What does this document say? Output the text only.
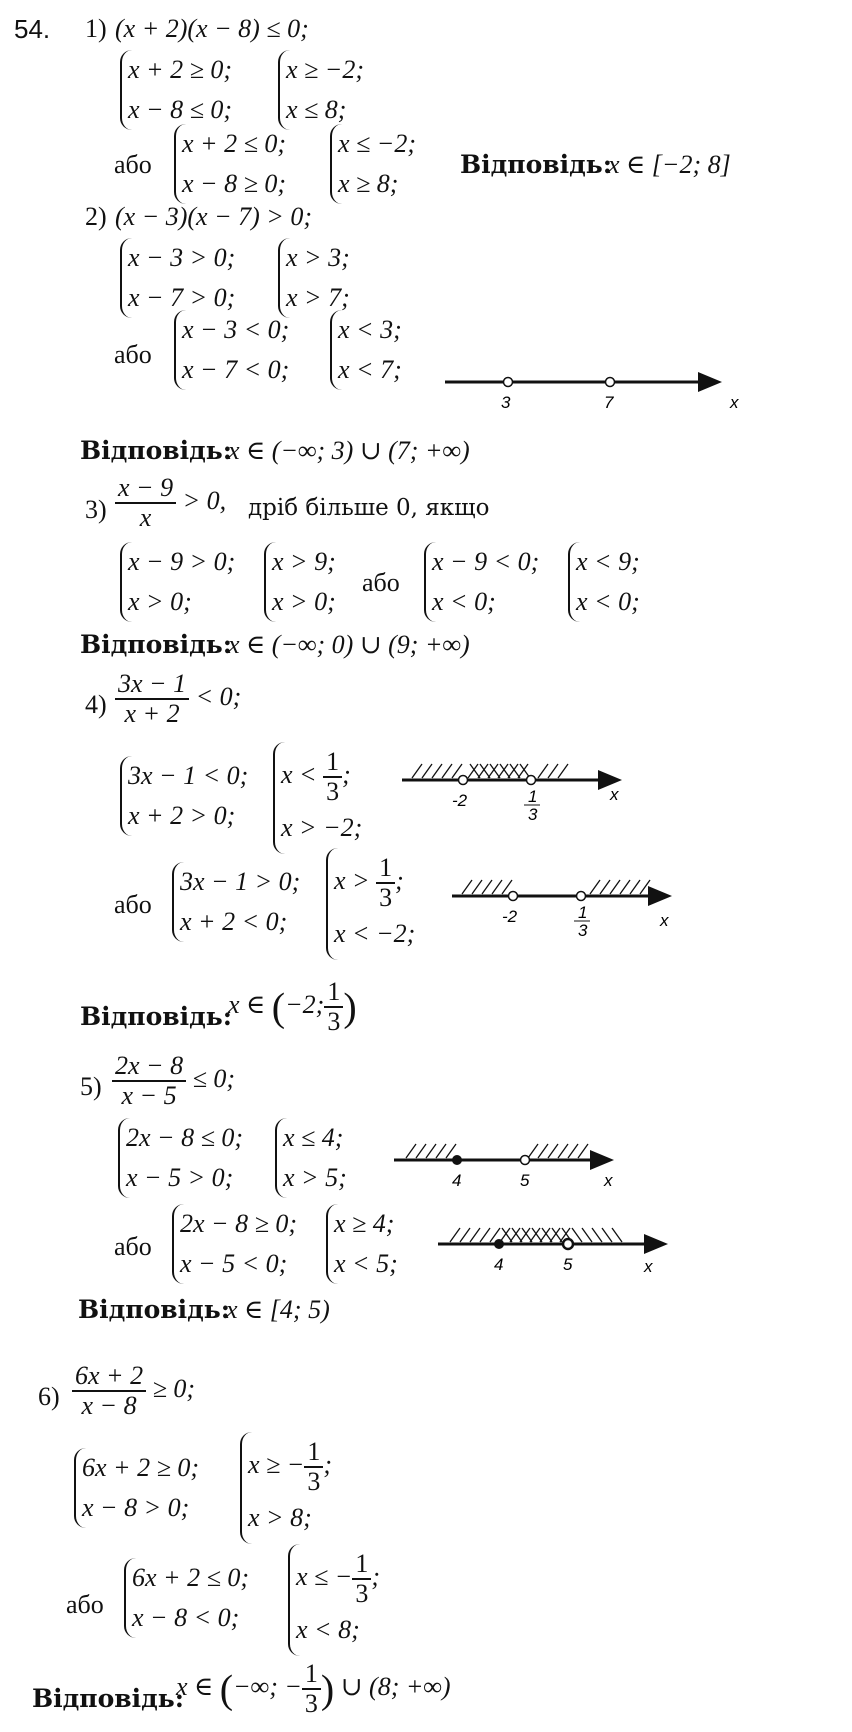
54. 1) (x + 2)(x − 8) ≤ 0;
x + 2 ≥ 0;
x − 8 ≤ 0;
x ≥ −2;
x ≤ 8;
або
x + 2 ≤ 0;
x − 8 ≥ 0;
x ≤ −2;
x ≥ 8;
Відповідь:
x ∈ [−2; 8]
2) (x − 3)(x − 7) > 0;
x − 3 > 0;
x − 7 > 0;
x > 3;
x > 7;
або
x − 3 < 0;
x − 7 < 0;
x < 3;
x < 7;
3	7	x
Відповідь:
x ∈ (−∞; 3) ∪ (7; +∞)
$3) \frac{x - 9}{x} > 0$, дріб більше 0, якщо
x − 9 > 0;
x > 0;
x > 9;
x > 0;
або
x − 9 < 0;
x < 0;
x < 9;
x < 0;
Відповідь:
x ∈ (−∞; 0) ∪ (9; +∞)
$4) \frac{3x - 1}{x + 2} < 0$;
3x − 1 < 0;
x + 2 > 0;
$x < \frac{1}{3}$ ;
x > −2;
-2	1
3
x
або
3x − 1 > 0;
x + 2 < 0;
$x > \frac{1}{3}$ ;
x < −2;
-2	1
3
x
Відповідь:
x ∈ (−2; $\frac{1}{3}$ )
$5) \frac{2x - 8}{x - 5} \le 0$;
2x − 8 ≤ 0;
x − 5 > 0;
x ≤ 4;
x > 5;	4	5	x
або
2x − 8 ≥ 0;
x − 5 < 0;
x ≥ 4;
x < 5;	4	5	x
Відповідь:
x ∈ [4; 5)
$6) \frac{6x + 2}{x - 8} \ge 0$;
6x + 2 ≥ 0;
x − 8 > 0;
x ≥ − $\frac{1}{3}$ ;
x > 8;
або
6x + 2 ≤ 0;
x − 8 < 0;
x ≤ − $\frac{1}{3}$ ;
x < 8;
Відповідь:
x ∈ (−∞; − $\frac{1}{3}$ ) ∪ (8; +∞)
